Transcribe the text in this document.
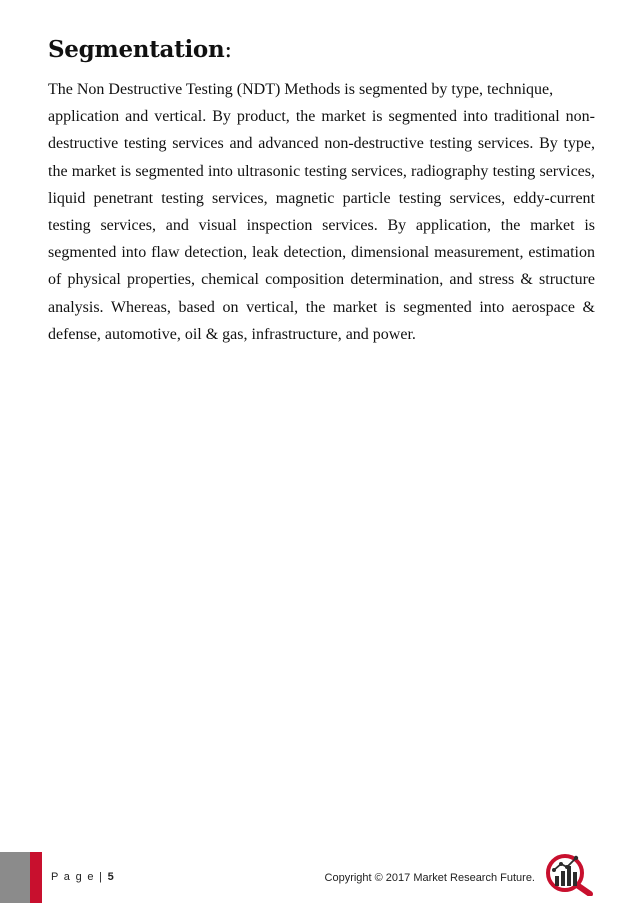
Segmentation:

The Non Destructive Testing (NDT) Methods is segmented by type, technique,
application and vertical. By product, the market is segmented into traditional non-destructive testing services and advanced non-destructive testing services. By type, the market is segmented into ultrasonic testing services, radiography testing services, liquid penetrant testing services, magnetic particle testing services, eddy-current testing services, and visual inspection services. By application, the market is segmented into flaw detection, leak detection, dimensional measurement, estimation of physical properties, chemical composition determination, and stress & structure analysis. Whereas, based on vertical, the market is segmented into aerospace & defense, automotive, oil & gas, infrastructure, and power.

P a g e | 5	Copyright © 2017 Market Research Future.
